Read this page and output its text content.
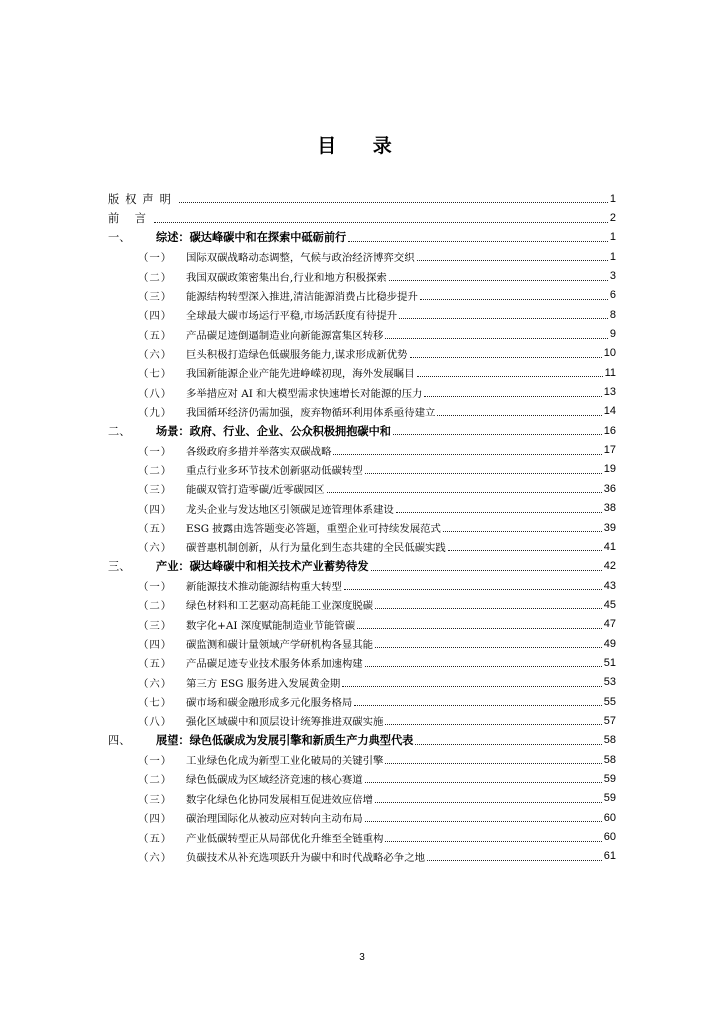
目 录
版权声明	1
前 言	2
一、	综述：碳达峰碳中和在探索中砥砺前行	1
（一）	国际双碳战略动态调整，气候与政治经济博弈交织	1
（二）	我国双碳政策密集出台,行业和地方积极探索	3
（三）	能源结构转型深入推进,清洁能源消费占比稳步提升	6
（四）	全球最大碳市场运行平稳,市场活跃度有待提升	8
（五）	产品碳足迹倒逼制造业向新能源富集区转移	9
（六）	巨头积极打造绿色低碳服务能力,谋求形成新优势	10
（七）	我国新能源企业产能先进峥嵘初现，海外发展瞩目	11
（八）	多举措应对 AI 和大模型需求快速增长对能源的压力	13
（九）	我国循环经济仍需加强，废弃物循环利用体系亟待建立	14
二、	场景：政府、行业、企业、公众积极拥抱碳中和	16
（一）	各级政府多措并举落实双碳战略	17
（二）	重点行业多环节技术创新驱动低碳转型	19
（三）	能碳双管打造零碳/近零碳园区	36
（四）	龙头企业与发达地区引领碳足迹管理体系建设	38
（五）	ESG 披露由选答题变必答题，重塑企业可持续发展范式	39
（六）	碳普惠机制创新，从行为量化到生态共建的全民低碳实践	41
三、	产业：碳达峰碳中和相关技术产业蓄势待发	42
（一）	新能源技术推动能源结构重大转型	43
（二）	绿色材料和工艺驱动高耗能工业深度脱碳	45
（三）	数字化+AI 深度赋能制造业节能管碳	47
（四）	碳监测和碳计量领域产学研机构各显其能	49
（五）	产品碳足迹专业技术服务体系加速构建	51
（六）	第三方 ESG 服务进入发展黄金期	53
（七）	碳市场和碳金融形成多元化服务格局	55
（八）	强化区域碳中和顶层设计统筹推进双碳实施	57
四、	展望：绿色低碳成为发展引擎和新质生产力典型代表	58
（一）	工业绿色化成为新型工业化破局的关键引擎	58
（二）	绿色低碳成为区域经济竞速的核心赛道	59
（三）	数字化绿色化协同发展相互促进效应倍增	59
（四）	碳治理国际化从被动应对转向主动布局	60
（五）	产业低碳转型正从局部优化升维至全链重构	60
（六）	负碳技术从补充选项跃升为碳中和时代战略必争之地	61
3
